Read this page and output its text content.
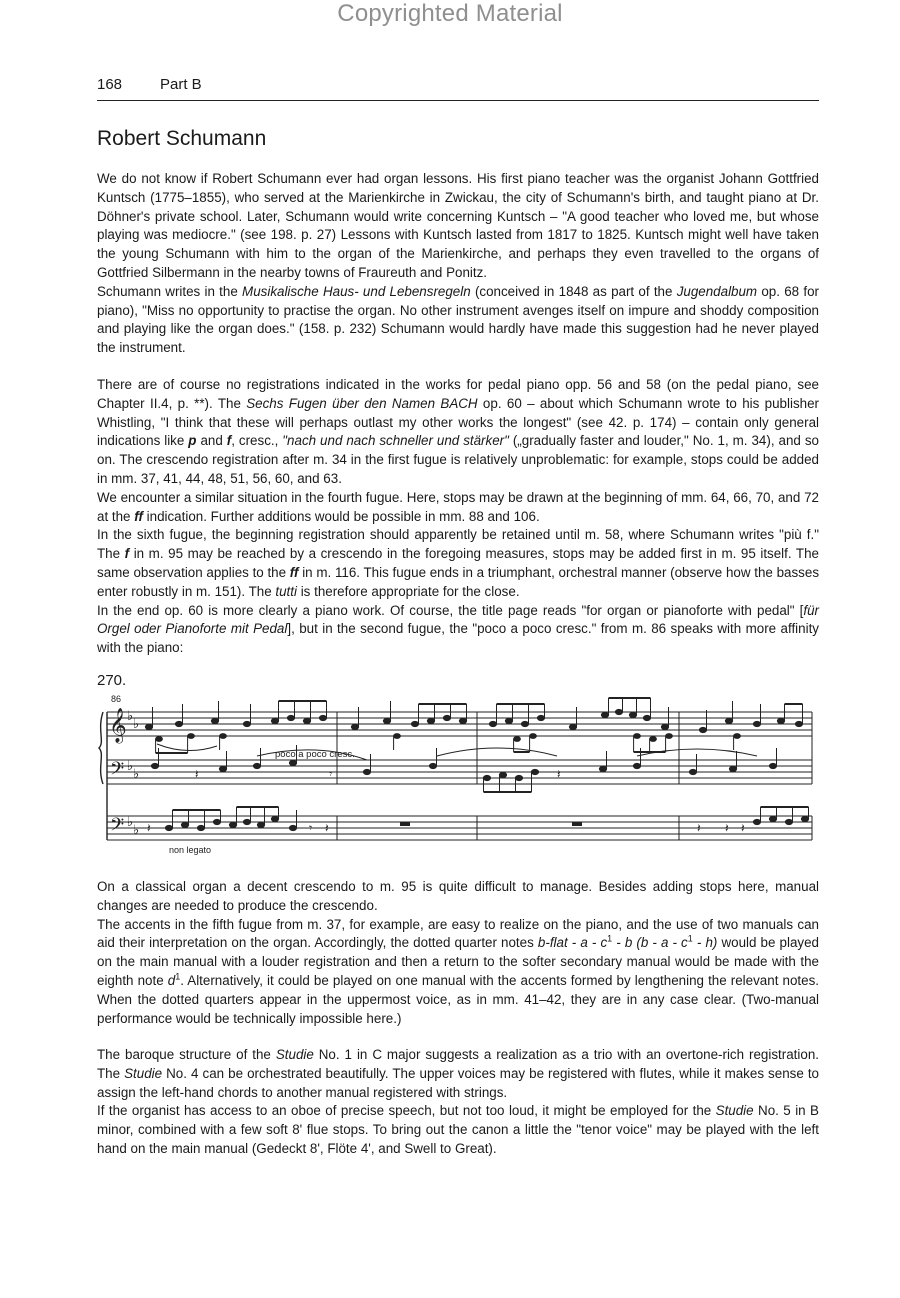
Copyrighted Material
168	Part B
Robert Schumann

We do not know if Robert Schumann ever had organ lessons. His first piano teacher was the organist Johann Gottfried Kuntsch (1775–1855), who served at the Marienkirche in Zwickau, the city of Schumann's birth, and taught piano at Dr. Döhner's private school. Later, Schumann would write concerning Kuntsch – "A good teacher who loved me, but whose playing was mediocre." (see 198. p. 27) Lessons with Kuntsch lasted from 1817 to 1825. Kuntsch might well have taken the young Schumann with him to the organ of the Marienkirche, and perhaps they even travelled to the organs of Gottfried Silbermann in the nearby towns of Fraureuth and Ponitz.

Schumann writes in the Musikalische Haus- und Lebensregeln (conceived in 1848 as part of the Jugendalbum op. 68 for piano), "Miss no opportunity to practise the organ. No other instrument avenges itself on impure and shoddy composition and playing like the organ does." (158. p. 232) Schumann would hardly have made this suggestion had he never played the instrument.

There are of course no registrations indicated in the works for pedal piano opp. 56 and 58 (on the pedal piano, see Chapter II.4, p. **). The Sechs Fugen über den Namen BACH op. 60 – about which Schumann wrote to his publisher Whistling, "I think that these will perhaps outlast my other works the longest" (see 42. p. 174) – contain only general indications like p and f, cresc., "nach und nach schneller und stärker" („gradually faster and louder," No. 1, m. 34), and so on. The crescendo registration after m. 34 in the first fugue is relatively unproblematic: for example, stops could be added in mm. 37, 41, 44, 48, 51, 56, 60, and 63.

We encounter a similar situation in the fourth fugue. Here, stops may be drawn at the beginning of mm. 64, 66, 70, and 72 at the ff indication. Further additions would be possible in mm. 88 and 106.

In the sixth fugue, the beginning registration should apparently be retained until m. 58, where Schumann writes "più f." The f in m. 95 may be reached by a crescendo in the foregoing measures, stops may be added first in m. 95 itself. The same observation applies to the ff in m. 116. This fugue ends in a triumphant, orchestral manner (observe how the basses enter robustly in m. 151). The tutti is therefore appropriate for the close.

In the end op. 60 is more clearly a piano work. Of course, the title page reads "for organ or pianoforte with pedal" [für Orgel oder Pianoforte mit Pedal], but in the second fugue, the "poco a poco cresc." from m. 86 speaks with more affinity with the piano:

270.
𝄞
𝄢
𝄢
♭
♭
♭
♭
♭
♭
86
𝄽	𝄾 𝄽	𝄽 𝄽 𝄽
𝄽	𝄾	𝄽
poco a poco cresc.
non legato

On a classical organ a decent crescendo to m. 95 is quite difficult to manage. Besides adding stops here, manual changes are needed to produce the crescendo.

The accents in the fifth fugue from m. 37, for example, are easy to realize on the piano, and the use of two manuals can aid their interpretation on the organ. Accordingly, the dotted quarter notes b-flat - a - $c^1$ - b (b - a - $c^1 - h$) would be played on the main manual with a louder registration and then a return to the softer secondary manual would be made with the eighth note $d^1$. Alternatively, it could be played on one manual with the accents formed by lengthening the relevant notes. When the dotted quarters appear in the uppermost voice, as in mm. 41–42, they are in any case clear. (Two-manual performance would be technically impossible here.)

The baroque structure of the Studie No. 1 in C major suggests a realization as a trio with an overtone-rich registration. The Studie No. 4 can be orchestrated beautifully. The upper voices may be registered with flutes, while it makes sense to assign the left-hand chords to another manual registered with strings.

If the organist has access to an oboe of precise speech, but not too loud, it might be employed for the Studie No. 5 in B minor, combined with a few soft 8' flue stops. To bring out the canon a little the "tenor voice" may be played with the left hand on the main manual (Gedeckt 8', Flöte 4', and Swell to Great).
